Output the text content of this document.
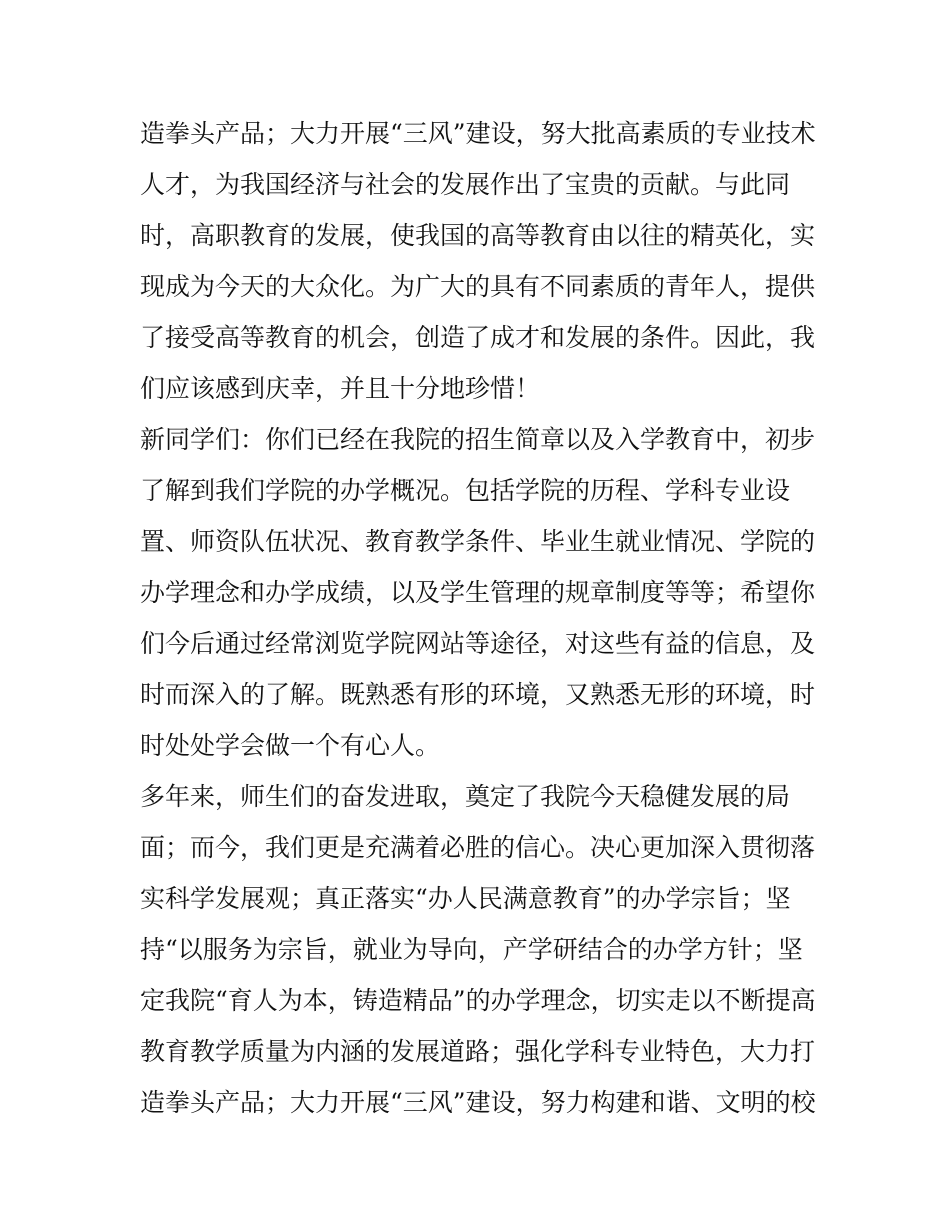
造拳头产品；大力开展“三风”建设，努大批高素质的专业技术
人才，为我国经济与社会的发展作出了宝贵的贡献。与此同
时，高职教育的发展，使我国的高等教育由以往的精英化，实
现成为今天的大众化。为广大的具有不同素质的青年人，提供
了接受高等教育的机会，创造了成才和发展的条件。因此，我
们应该感到庆幸，并且十分地珍惜！
新同学们：你们已经在我院的招生简章以及入学教育中，初步
了解到我们学院的办学概况。包括学院的历程、学科专业设
置、师资队伍状况、教育教学条件、毕业生就业情况、学院的
办学理念和办学成绩，以及学生管理的规章制度等等；希望你
们今后通过经常浏览学院网站等途径，对这些有益的信息，及
时而深入的了解。既熟悉有形的环境，又熟悉无形的环境，时
时处处学会做一个有心人。
多年来，师生们的奋发进取，奠定了我院今天稳健发展的局
面；而今，我们更是充满着必胜的信心。决心更加深入贯彻落
实科学发展观；真正落实“办人民满意教育”的办学宗旨；坚
持“以服务为宗旨，就业为导向，产学研结合的办学方针；坚
定我院“育人为本，铸造精品”的办学理念，切实走以不断提高
教育教学质量为内涵的发展道路；强化学科专业特色，大力打
造拳头产品；大力开展“三风”建设，努力构建和谐、文明的校
